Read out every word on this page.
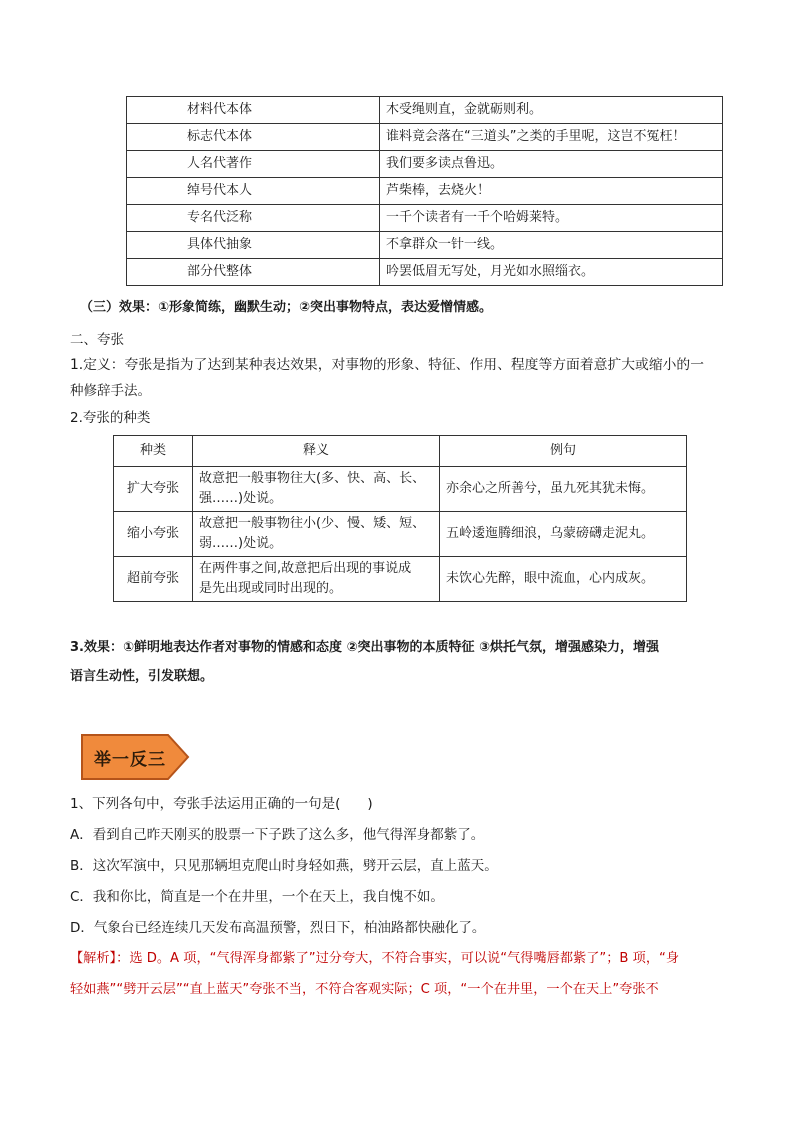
材料代本体	木受绳则直，金就砺则利。
标志代本体	谁料竟会落在“三道头”之类的手里呢，这岂不冤枉！
人名代著作	我们要多读点鲁迅。
绰号代本人	芦柴棒，去烧火！
专名代泛称	一千个读者有一千个哈姆莱特。
具体代抽象	不拿群众一针一线。
部分代整体	吟罢低眉无写处，月光如水照缁衣。
（三）效果：①形象简练，幽默生动；②突出事物特点，表达爱憎情感。
二、夸张
1.定义：夸张是指为了达到某种表达效果，对事物的形象、特征、作用、程度等方面着意扩大或缩小的一
种修辞手法。
2.夸张的种类
种类	释义	例句
扩大夸张	故意把一般事物往大(多、快、高、长、
强……)处说。	亦余心之所善兮，虽九死其犹未悔。
缩小夸张	故意把一般事物往小(少、慢、矮、短、
弱……)处说。	五岭逶迤腾细浪，乌蒙磅礴走泥丸。
超前夸张	在两件事之间,故意把后出现的事说成
是先出现或同时出现的。	未饮心先醉，眼中流血，心内成灰。
3.效果：①鲜明地表达作者对事物的情感和态度 ②突出事物的本质特征 ③烘托气氛，增强感染力，增强
语言生动性，引发联想。
举一反三
1、下列各句中，夸张手法运用正确的一句是(　　)
A．看到自己昨天刚买的股票一下子跌了这么多，他气得浑身都紫了。
B．这次军演中，只见那辆坦克爬山时身轻如燕，劈开云层，直上蓝天。
C．我和你比，简直是一个在井里，一个在天上，我自愧不如。
D．气象台已经连续几天发布高温预警，烈日下，柏油路都快融化了。
【解析】：选 D。A 项，“气得浑身都紫了”过分夸大，不符合事实，可以说“气得嘴唇都紫了”；B 项，“身
轻如燕”“劈开云层”“直上蓝天”夸张不当，不符合客观实际；C 项，“一个在井里，一个在天上”夸张不
